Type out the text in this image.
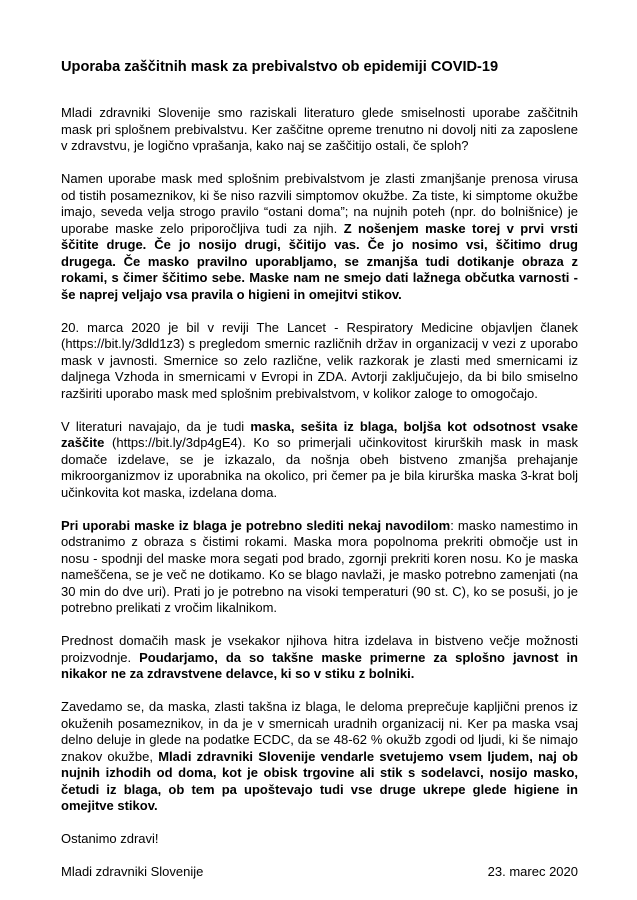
Uporaba zaščitnih mask za prebivalstvo ob epidemiji COVID-19

Mladi zdravniki Slovenije smo raziskali literaturo glede smiselnosti uporabe zaščitnih mask pri splošnem prebivalstvu. Ker zaščitne opreme trenutno ni dovolj niti za zaposlene v zdravstvu, je logično vprašanja, kako naj se zaščitijo ostali, če sploh?

Namen uporabe mask med splošnim prebivalstvom je zlasti zmanjšanje prenosa virusa od tistih posameznikov, ki še niso razvili simptomov okužbe. Za tiste, ki simptome okužbe imajo, seveda velja strogo pravilo “ostani doma”; na nujnih poteh (npr. do bolnišnice) je uporabe maske zelo priporočljiva tudi za njih. Z nošenjem maske torej v prvi vrsti ščitite druge. Če jo nosijo drugi, ščitijo vas. Če jo nosimo vsi, ščitimo drug drugega. Če masko pravilno uporabljamo, se zmanjša tudi dotikanje obraza z rokami, s čimer ščitimo sebe. Maske nam ne smejo dati lažnega občutka varnosti - še naprej veljajo vsa pravila o higieni in omejitvi stikov.

20. marca 2020 je bil v reviji The Lancet - Respiratory Medicine objavljen članek (https://bit.ly/3dld1z3) s pregledom smernic različnih držav in organizacij v vezi z uporabo mask v javnosti. Smernice so zelo različne, velik razkorak je zlasti med smernicami iz daljnega Vzhoda in smernicami v Evropi in ZDA. Avtorji zaključujejo, da bi bilo smiselno razširiti uporabo mask med splošnim prebivalstvom, v kolikor zaloge to omogočajo.

V literaturi navajajo, da je tudi maska, sešita iz blaga, boljša kot odsotnost vsake zaščite (https://bit.ly/3dp4gE4). Ko so primerjali učinkovitost kirurških mask in mask domače izdelave, se je izkazalo, da nošnja obeh bistveno zmanjša prehajanje mikroorganizmov iz uporabnika na okolico, pri čemer pa je bila kirurška maska 3-krat bolj učinkovita kot maska, izdelana doma.

Pri uporabi maske iz blaga je potrebno slediti nekaj navodilom: masko namestimo in odstranimo z obraza s čistimi rokami. Maska mora popolnoma prekriti območje ust in nosu - spodnji del maske mora segati pod brado, zgornji prekriti koren nosu. Ko je maska nameščena, se je več ne dotikamo. Ko se blago navlaži, je masko potrebno zamenjati (na 30 min do dve uri). Prati jo je potrebno na visoki temperaturi (90 st. C), ko se posuši, jo je potrebno prelikati z vročim likalnikom.

Prednost domačih mask je vsekakor njihova hitra izdelava in bistveno večje možnosti proizvodnje. Poudarjamo, da so takšne maske primerne za splošno javnost in nikakor ne za zdravstvene delavce, ki so v stiku z bolniki.

Zavedamo se, da maska, zlasti takšna iz blaga, le deloma preprečuje kapljični prenos iz okuženih posameznikov, in da je v smernicah uradnih organizacij ni. Ker pa maska vsaj delno deluje in glede na podatke ECDC, da se 48-62 % okužb zgodi od ljudi, ki še nimajo znakov okužbe, Mladi zdravniki Slovenije vendarle svetujemo vsem ljudem, naj ob nujnih izhodih od doma, kot je obisk trgovine ali stik s sodelavci, nosijo masko, četudi iz blaga, ob tem pa upoštevajo tudi vse druge ukrepe glede higiene in omejitve stikov.

Ostanimo zdravi!

Mladi zdravniki Slovenije	23. marec 2020
